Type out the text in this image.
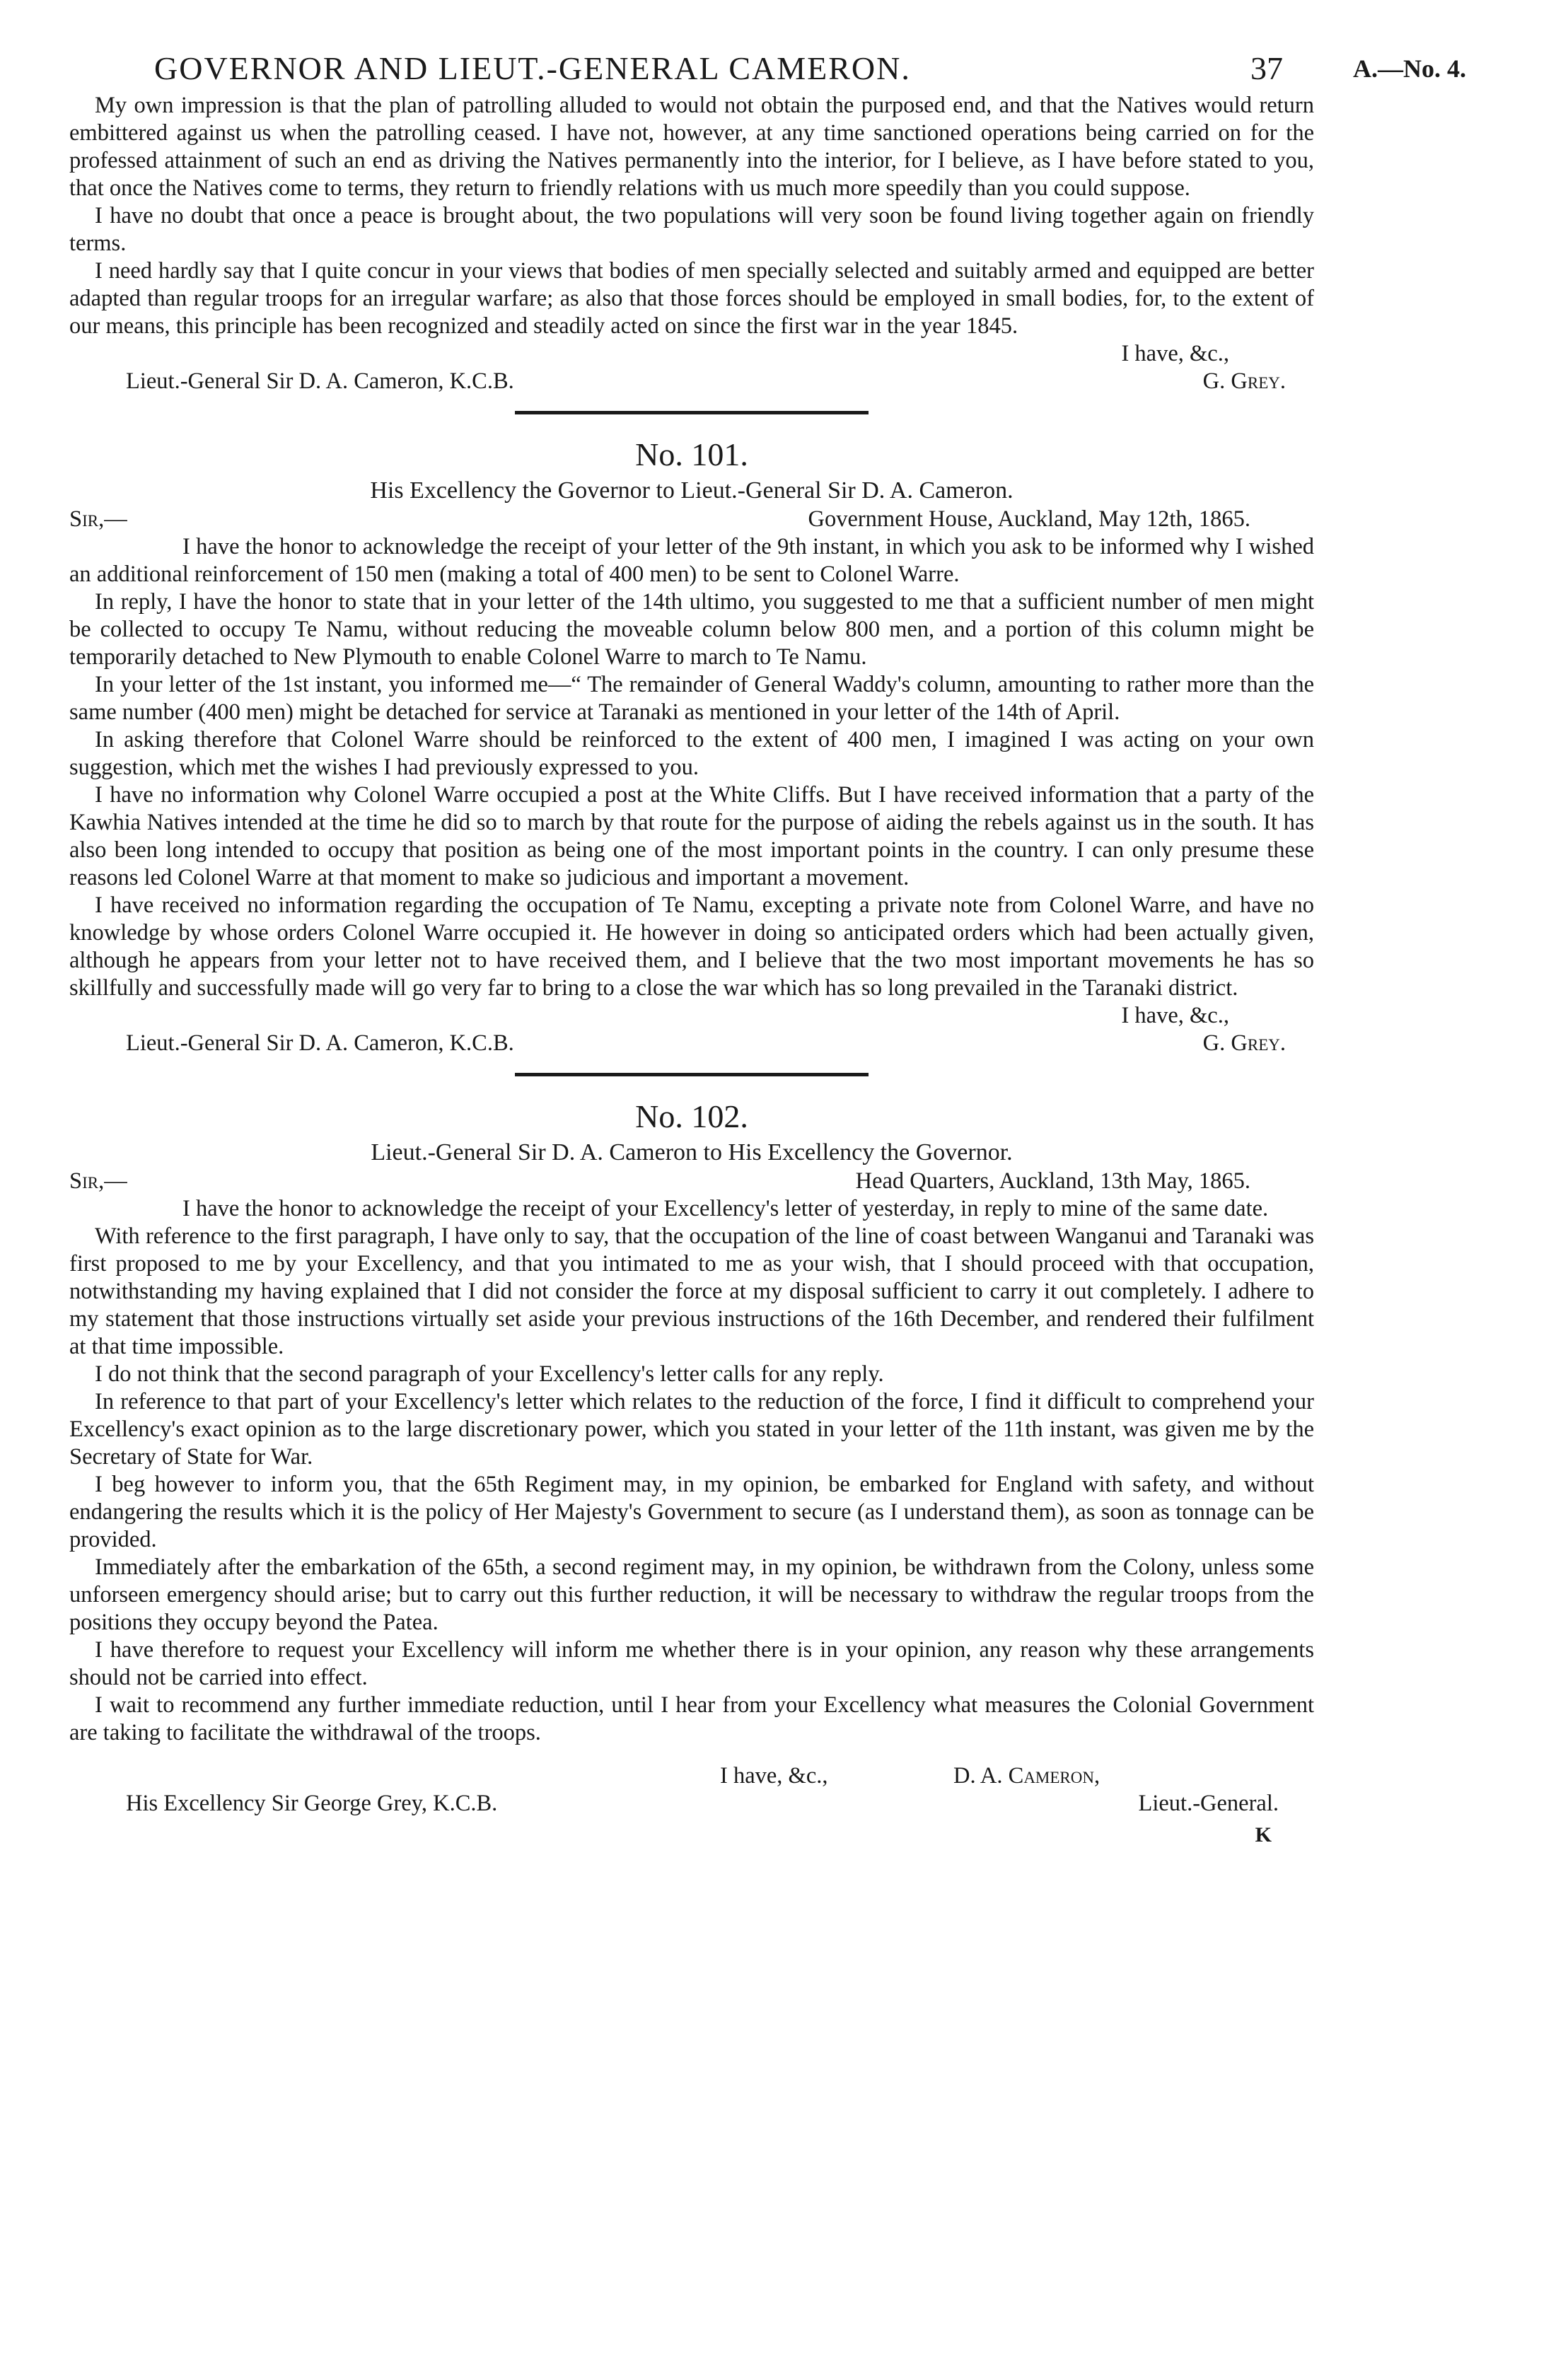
GOVERNOR AND LIEUT.-GENERAL CAMERON.	37	A.—No. 4.

My own impression is that the plan of patrolling alluded to would not obtain the purposed end, and that the Natives would return embittered against us when the patrolling ceased. I have not, however, at any time sanctioned operations being carried on for the professed attainment of such an end as driving the Natives permanently into the interior, for I believe, as I have before stated to you, that once the Natives come to terms, they return to friendly relations with us much more speedily than you could suppose.

I have no doubt that once a peace is brought about, the two populations will very soon be found living together again on friendly terms.

I need hardly say that I quite concur in your views that bodies of men specially selected and suitably armed and equipped are better adapted than regular troops for an irregular warfare; as also that those forces should be employed in small bodies, for, to the extent of our means, this principle has been recognized and steadily acted on since the first war in the year 1845.

I have, &c.,
Lieut.-General Sir D. A. Cameron, K.C.B.	G. Grey.
No. 101.
His Excellency the Governor to Lieut.-General Sir D. A. Cameron.
Sir,—	Government House, Auckland, May 12th, 1865.

I have the honor to acknowledge the receipt of your letter of the 9th instant, in which you ask to be informed why I wished an additional reinforcement of 150 men (making a total of 400 men) to be sent to Colonel Warre.

In reply, I have the honor to state that in your letter of the 14th ultimo, you suggested to me that a sufficient number of men might be collected to occupy Te Namu, without reducing the moveable column below 800 men, and a portion of this column might be temporarily detached to New Plymouth to enable Colonel Warre to march to Te Namu.

In your letter of the 1st instant, you informed me—“ The remainder of General Waddy's column, amounting to rather more than the same number (400 men) might be detached for service at Taranaki as mentioned in your letter of the 14th of April.

In asking therefore that Colonel Warre should be reinforced to the extent of 400 men, I imagined I was acting on your own suggestion, which met the wishes I had previously expressed to you.

I have no information why Colonel Warre occupied a post at the White Cliffs. But I have received information that a party of the Kawhia Natives intended at the time he did so to march by that route for the purpose of aiding the rebels against us in the south. It has also been long intended to occupy that position as being one of the most important points in the country. I can only presume these reasons led Colonel Warre at that moment to make so judicious and important a movement.

I have received no information regarding the occupation of Te Namu, excepting a private note from Colonel Warre, and have no knowledge by whose orders Colonel Warre occupied it. He however in doing so anticipated orders which had been actually given, although he appears from your letter not to have received them, and I believe that the two most important movements he has so skillfully and successfully made will go very far to bring to a close the war which has so long prevailed in the Taranaki district.

I have, &c.,
Lieut.-General Sir D. A. Cameron, K.C.B.	G. Grey.
No. 102.
Lieut.-General Sir D. A. Cameron to His Excellency the Governor.
Sir,—	Head Quarters, Auckland, 13th May, 1865.

I have the honor to acknowledge the receipt of your Excellency's letter of yesterday, in reply to mine of the same date.

With reference to the first paragraph, I have only to say, that the occupation of the line of coast between Wanganui and Taranaki was first proposed to me by your Excellency, and that you intimated to me as your wish, that I should proceed with that occupation, notwithstanding my having explained that I did not consider the force at my disposal sufficient to carry it out completely. I adhere to my statement that those instructions virtually set aside your previous instructions of the 16th December, and rendered their fulfilment at that time impossible.

I do not think that the second paragraph of your Excellency's letter calls for any reply.

In reference to that part of your Excellency's letter which relates to the reduction of the force, I find it difficult to comprehend your Excellency's exact opinion as to the large discretionary power, which you stated in your letter of the 11th instant, was given me by the Secretary of State for War.

I beg however to inform you, that the 65th Regiment may, in my opinion, be embarked for England with safety, and without endangering the results which it is the policy of Her Majesty's Government to secure (as I understand them), as soon as tonnage can be provided.

Immediately after the embarkation of the 65th, a second regiment may, in my opinion, be withdrawn from the Colony, unless some unforseen emergency should arise; but to carry out this further reduction, it will be necessary to withdraw the regular troops from the positions they occupy beyond the Patea.

I have therefore to request your Excellency will inform me whether there is in your opinion, any reason why these arrangements should not be carried into effect.

I wait to recommend any further immediate reduction, until I hear from your Excellency what measures the Colonial Government are taking to facilitate the withdrawal of the troops.

I have, &c.,	D. A. Cameron,
His Excellency Sir George Grey, K.C.B.	Lieut.-General.
K
